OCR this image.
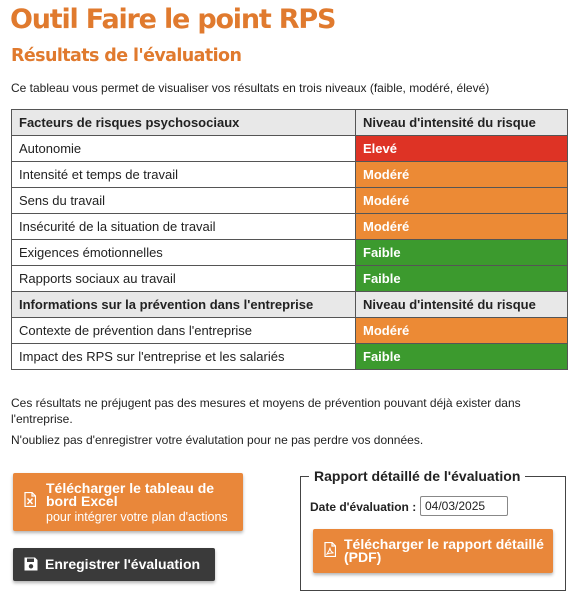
Outil Faire le point RPS
Résultats de l'évaluation
Ce tableau vous permet de visualiser vos résultats en trois niveaux (faible, modéré, élevé)
Facteurs de risques psychosociaux	Niveau d'intensité du risque
Autonomie	Elevé
Intensité et temps de travail	Modéré
Sens du travail	Modéré
Insécurité de la situation de travail	Modéré
Exigences émotionnelles	Faible
Rapports sociaux au travail	Faible
Informations sur la prévention dans l'entreprise	Niveau d'intensité du risque
Contexte de prévention dans l'entreprise	Modéré
Impact des RPS sur l'entreprise et les salariés	Faible
Ces résultats ne préjugent pas des mesures et moyens de prévention pouvant déjà exister dans l'entreprise.
N'oubliez pas d'enregistrer votre évalutation pour ne pas perdre vos données.
Télécharger le tableau de bord Excel
pour intégrer votre plan d'actions
Enregistrer l'évaluation
Rapport détaillé de l'évaluation
Date d'évaluation :
04/03/2025
Télécharger le rapport détaillé (PDF)
